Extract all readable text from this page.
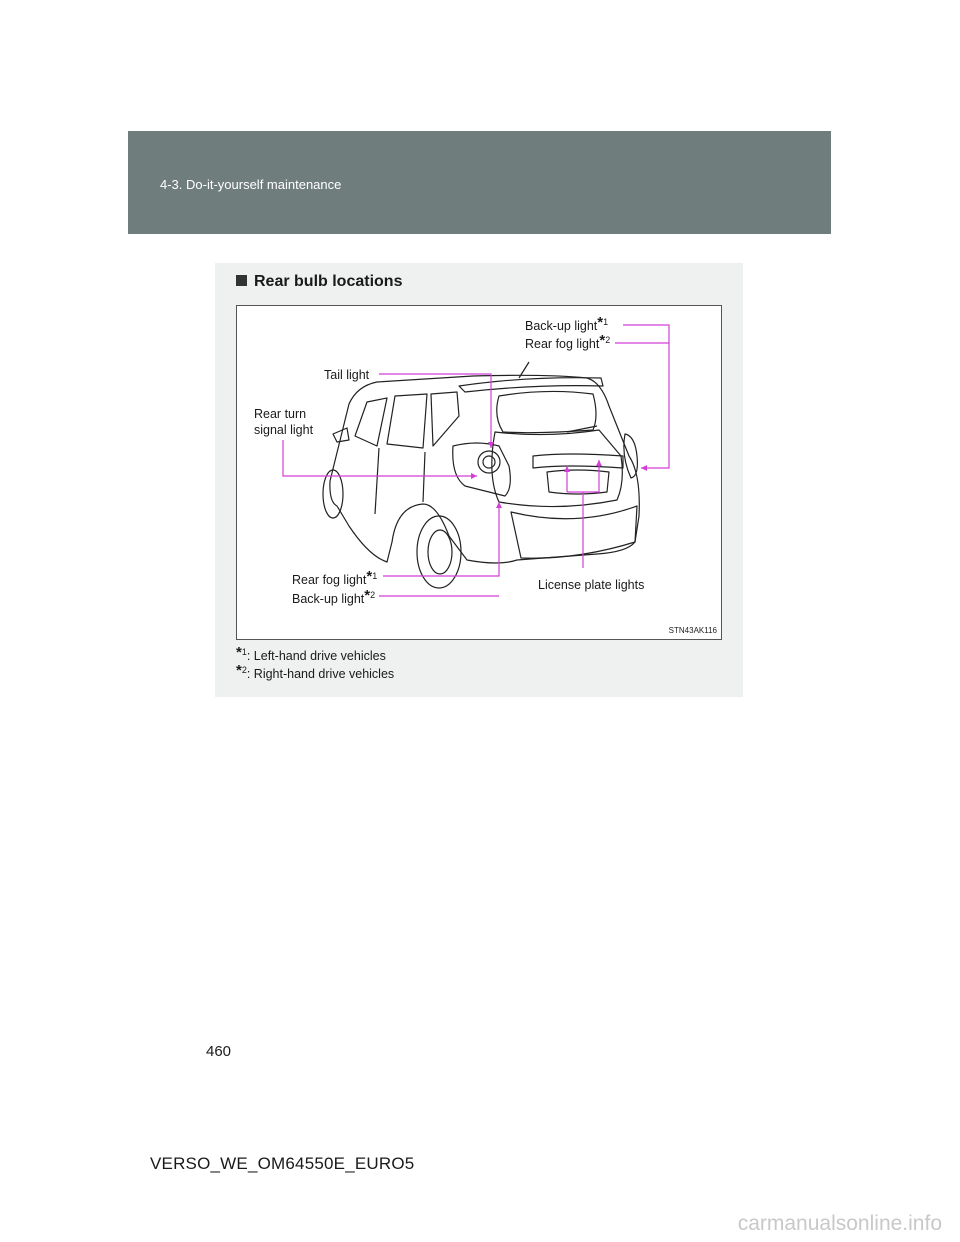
4-3. Do-it-yourself maintenance
Rear bulb locations
Back-up light*$^1$
Rear fog light*$^2$
Tail light
Rear turn signal light
Rear fog light*$^1$
Back-up light*$^2$
License plate lights
STN43AK116
*$^1$: Left-hand drive vehicles
*$^2$: Right-hand drive vehicles
460
VERSO_WE_OM64550E_EURO5
carmanualsonline.info
